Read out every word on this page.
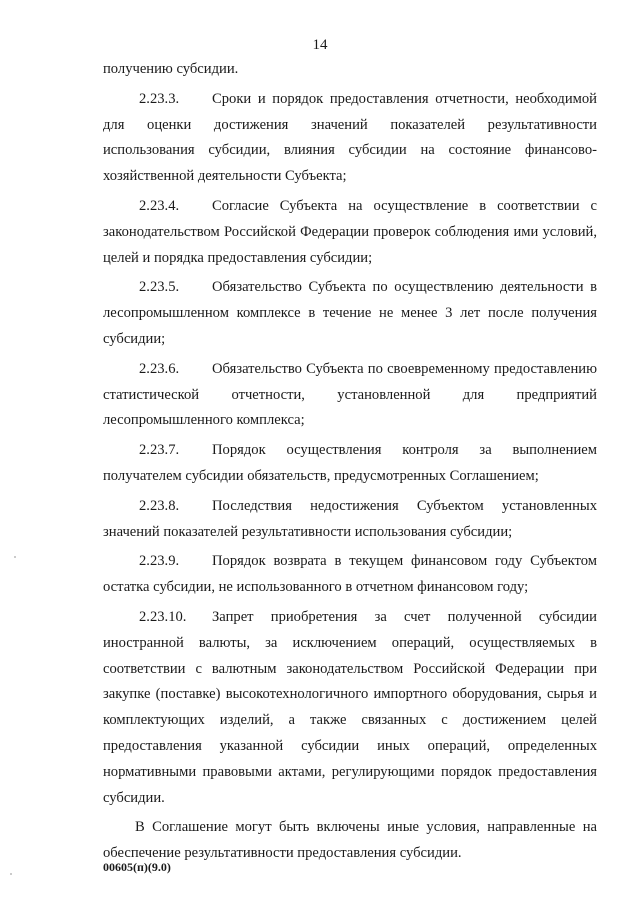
14

получению субсидии.

2.23.3. Сроки и порядок предоставления отчетности, необходимой для оценки достижения значений показателей результативности использования субсидии, влияния субсидии на состояние финансово-хозяйственной деятельности Субъекта;

2.23.4. Согласие Субъекта на осуществление в соответствии с законодательством Российской Федерации проверок соблюдения ими условий, целей и порядка предоставления субсидии;

2.23.5. Обязательство Субъекта по осуществлению деятельности в лесопромышленном комплексе в течение не менее 3 лет после получения субсидии;

2.23.6. Обязательство Субъекта по своевременному предоставлению статистической отчетности, установленной для предприятий лесопромышленного комплекса;

2.23.7. Порядок осуществления контроля за выполнением получателем субсидии обязательств, предусмотренных Соглашением;

2.23.8. Последствия недостижения Субъектом установленных значений показателей результативности использования субсидии;

2.23.9. Порядок возврата в текущем финансовом году Субъектом остатка субсидии, не использованного в отчетном финансовом году;

2.23.10. Запрет приобретения за счет полученной субсидии иностранной валюты, за исключением операций, осуществляемых в соответствии с валютным законодательством Российской Федерации при закупке (поставке) высокотехнологичного импортного оборудования, сырья и комплектующих изделий, а также связанных с достижением целей предоставления указанной субсидии иных операций, определенных нормативными правовыми актами, регулирующими порядок предоставления субсидии.

В Соглашение могут быть включены иные условия, направленные на обеспечение результативности предоставления субсидии.

00605(п)(9.0)
